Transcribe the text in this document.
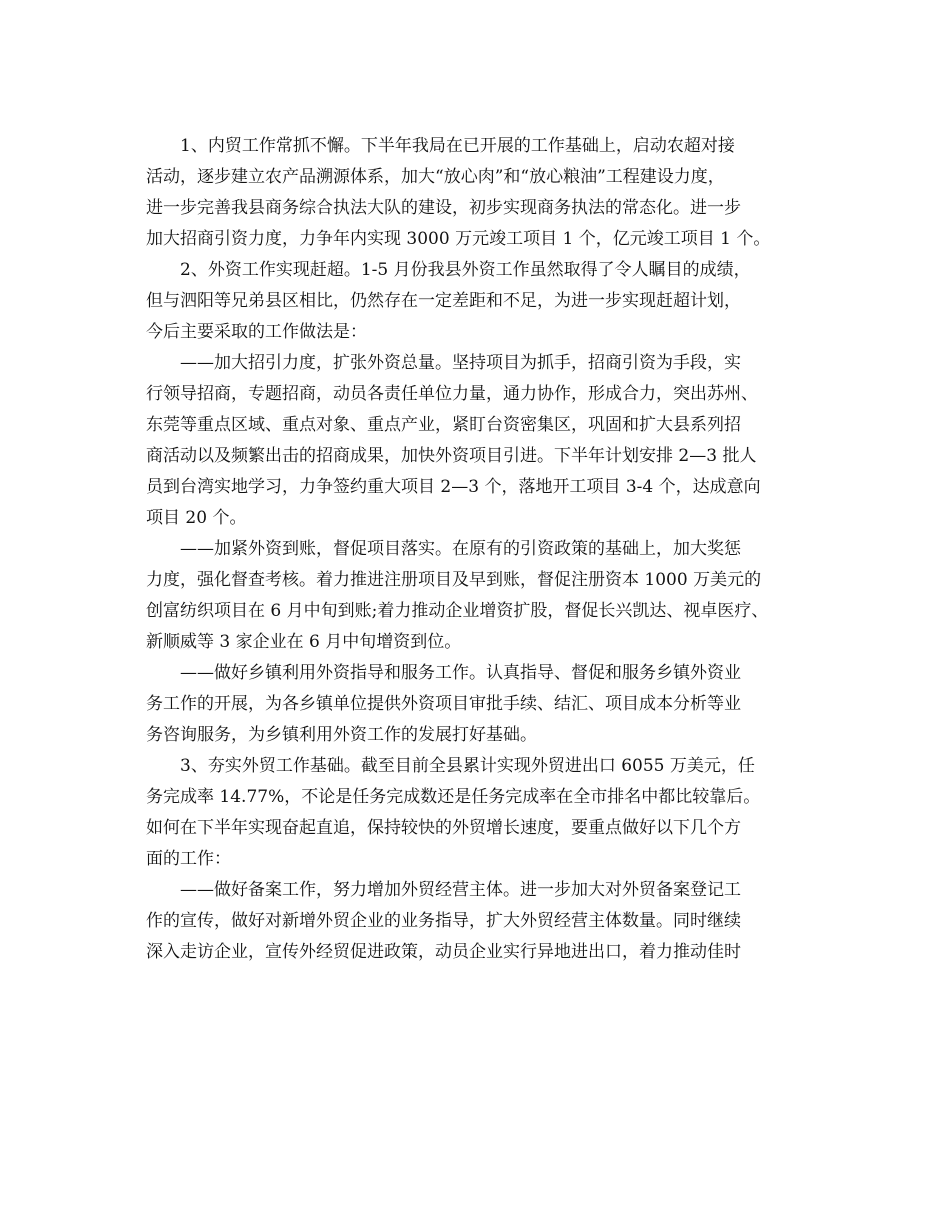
1、内贸工作常抓不懈。下半年我局在已开展的工作基础上，启动农超对接
活动，逐步建立农产品溯源体系，加大“放心肉”和“放心粮油”工程建设力度，
进一步完善我县商务综合执法大队的建设，初步实现商务执法的常态化。进一步
加大招商引资力度，力争年内实现 3000 万元竣工项目 1 个，亿元竣工项目 1 个。

2、外资工作实现赶超。1-5 月份我县外资工作虽然取得了令人瞩目的成绩，
但与泗阳等兄弟县区相比，仍然存在一定差距和不足，为进一步实现赶超计划，
今后主要采取的工作做法是：

——加大招引力度，扩张外资总量。坚持项目为抓手，招商引资为手段，实
行领导招商，专题招商，动员各责任单位力量，通力协作，形成合力，突出苏州、
东莞等重点区域、重点对象、重点产业，紧盯台资密集区，巩固和扩大县系列招
商活动以及频繁出击的招商成果，加快外资项目引进。下半年计划安排 2—3 批人
员到台湾实地学习，力争签约重大项目 2—3 个，落地开工项目 3-4 个，达成意向
项目 20 个。

——加紧外资到账，督促项目落实。在原有的引资政策的基础上，加大奖惩
力度，强化督查考核。着力推进注册项目及早到账，督促注册资本 1000 万美元的
创富纺织项目在 6 月中旬到账;着力推动企业增资扩股，督促长兴凯达、视卓医疗、
新顺威等 3 家企业在 6 月中旬增资到位。

——做好乡镇利用外资指导和服务工作。认真指导、督促和服务乡镇外资业
务工作的开展，为各乡镇单位提供外资项目审批手续、结汇、项目成本分析等业
务咨询服务，为乡镇利用外资工作的发展打好基础。

3、夯实外贸工作基础。截至目前全县累计实现外贸进出口 6055 万美元，任
务完成率 14.77%，不论是任务完成数还是任务完成率在全市排名中都比较靠后。
如何在下半年实现奋起直追，保持较快的外贸增长速度，要重点做好以下几个方
面的工作：

——做好备案工作，努力增加外贸经营主体。进一步加大对外贸备案登记工
作的宣传，做好对新增外贸企业的业务指导，扩大外贸经营主体数量。同时继续
深入走访企业，宣传外经贸促进政策，动员企业实行异地进出口，着力推动佳时
